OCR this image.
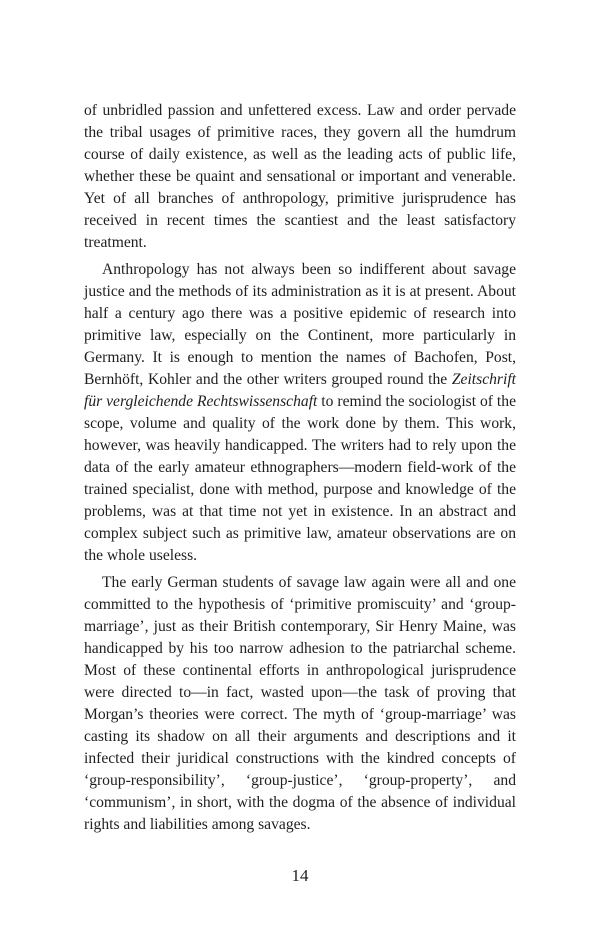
of unbridled passion and unfettered excess. Law and order pervade the tribal usages of primitive races, they govern all the humdrum course of daily existence, as well as the leading acts of public life, whether these be quaint and sensational or important and venerable. Yet of all branches of anthropology, primitive jurisprudence has received in recent times the scantiest and the least satisfactory treatment.

Anthropology has not always been so indifferent about savage justice and the methods of its administration as it is at present. About half a century ago there was a positive epidemic of research into primitive law, especially on the Continent, more particularly in Germany. It is enough to mention the names of Bachofen, Post, Bernhöft, Kohler and the other writers grouped round the Zeitschrift für vergleichende Rechtswissenschaft to remind the sociologist of the scope, volume and quality of the work done by them. This work, however, was heavily handicapped. The writers had to rely upon the data of the early amateur ethnographers—modern field-work of the trained specialist, done with method, purpose and knowledge of the problems, was at that time not yet in existence. In an abstract and complex subject such as primitive law, amateur observations are on the whole useless.

The early German students of savage law again were all and one committed to the hypothesis of ‘primitive promiscuity’ and ‘group-marriage’, just as their British contemporary, Sir Henry Maine, was handicapped by his too narrow adhesion to the patriarchal scheme. Most of these continental efforts in anthropological jurisprudence were directed to—in fact, wasted upon—the task of proving that Morgan’s theories were correct. The myth of ‘group-marriage’ was casting its shadow on all their arguments and descriptions and it infected their juridical constructions with the kindred concepts of ‘group-responsibility’, ‘group-justice’, ‘group-property’, and ‘communism’, in short, with the dogma of the absence of individual rights and liabilities among savages.

14
